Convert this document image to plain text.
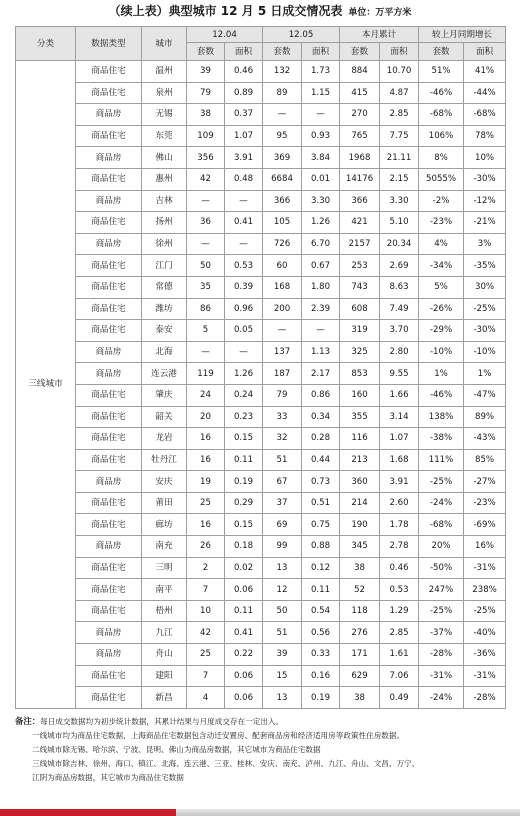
（续上表）典型城市 12 月 5 日成交情况表 单位：万平方米
分类	数据类型	城市	12.04		12.05		本月累计		较上月同期增长	
			套数	面积	套数	面积	套数	面积	套数	面积
三线城市	商品住宅	温州	39	0.46	132	1.73	884	10.70	51%	41%
	商品住宅	泉州	79	0.89	89	1.15	415	4.87	-46%	-44%
	商品房	无锡	38	0.37	—	—	270	2.85	-68%	-68%
	商品住宅	东莞	109	1.07	95	0.93	765	7.75	106%	78%
	商品房	佛山	356	3.91	369	3.84	1968	21.11	8%	10%
	商品住宅	惠州	42	0.48	6684	0.01	14176	2.15	5055%	-30%
	商品房	吉林	—	—	366	3.30	366	3.30	-2%	-12%
	商品住宅	扬州	36	0.41	105	1.26	421	5.10	-23%	-21%
	商品房	徐州	—	—	726	6.70	2157	20.34	4%	3%
	商品住宅	江门	50	0.53	60	0.67	253	2.69	-34%	-35%
	商品住宅	常德	35	0.39	168	1.80	743	8.63	5%	30%
	商品住宅	潍坊	86	0.96	200	2.39	608	7.49	-26%	-25%
	商品住宅	泰安	5	0.05	—	—	319	3.70	-29%	-30%
	商品房	北海	—	—	137	1.13	325	2.80	-10%	-10%
	商品房	连云港	119	1.26	187	2.17	853	9.55	1%	1%
	商品住宅	肇庆	24	0.24	79	0.86	160	1.66	-46%	-47%
	商品住宅	韶关	20	0.23	33	0.34	355	3.14	138%	89%
	商品住宅	龙岩	16	0.15	32	0.28	116	1.07	-38%	-43%
	商品住宅	牡丹江	16	0.11	51	0.44	213	1.68	111%	85%
	商品房	安庆	19	0.19	67	0.73	360	3.91	-25%	-27%
	商品住宅	莆田	25	0.29	37	0.51	214	2.60	-24%	-23%
	商品住宅	廊坊	16	0.15	69	0.75	190	1.78	-68%	-69%
	商品房	南充	26	0.18	99	0.88	345	2.78	20%	16%
	商品住宅	三明	2	0.02	13	0.12	38	0.46	-50%	-31%
	商品住宅	南平	7	0.06	12	0.11	52	0.53	247%	238%
	商品住宅	梧州	10	0.11	50	0.54	118	1.29	-25%	-25%
	商品房	九江	42	0.41	51	0.56	276	2.85	-37%	-40%
	商品房	舟山	25	0.22	39	0.33	171	1.61	-28%	-36%
	商品住宅	建阳	7	0.06	15	0.16	629	7.06	-31%	-31%
	商品住宅	新昌	4	0.06	13	0.19	38	0.49	-24%	-28%

备注：每日成交数据均为初步统计数据，其累计结果与月度成交存在一定出入。

一线城市均为商品住宅数据，上海商品住宅数据包含动迁安置房、配套商品房和经济适用房等政策性住房数据。

二线城市除无锡、哈尔滨、宁波、昆明、佛山为商品房数据，其它城市为商品住宅数据

三线城市除吉林、徐州、海口、镇江、北海、连云港、三亚、桂林、安庆、南充、泸州、九江、舟山、文昌、万宁、

江阴为商品房数据，其它城市为商品住宅数据
